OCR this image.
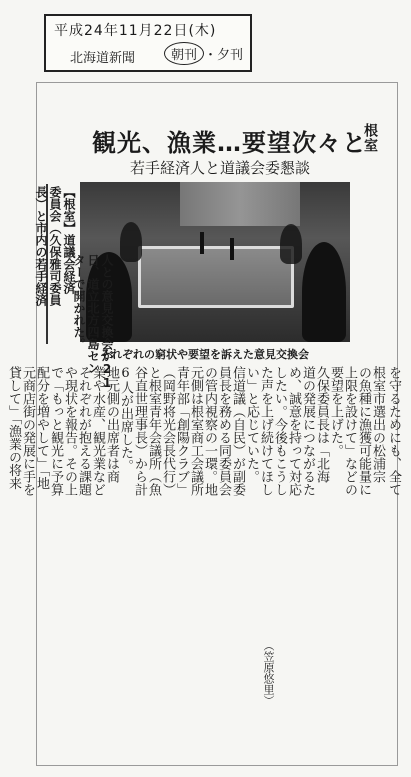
平成24年11月22日(木)
北海道新聞	朝刊 ・夕刊
根室
観光、漁業…要望次々と
若手経済人と道議会委懇談
それぞれの窮状や要望を訴えた意見交換会
【根室】道議会経済
委員会（久保雅司委員
長）と市内の若手経済
人との意見交換会が21
日、道立北方四島セン
ターで開かれた。
信道議（自民）が副委
員長を務める同委員会
の管内視察の一環。地
元側は根室商工会議所
青年部「創陽クラブ」
（岡野将光会長代行）
と根室青年会議所（魚
谷直世理事長）から計
6人が出席した。
地元側の出席者は商
業や水産、観光業など
それぞれが抱える課題
や現状を報告。その上
で「もっと観光に予算
配分を増やして」「地	根室市選出の松浦宗
の魚種に漁獲可能量に
上限を設けて」などの
要望を上げた。
久保委員長は「北海
道の発展につながるた
め、誠意を持って対応
したい。今後もこうし
た声を上げ続けてほし
い」と応じていた。
（笠原悠里）
元商店街の発展に手を
貸して」「漁業の将来	を守るためにも、全て
